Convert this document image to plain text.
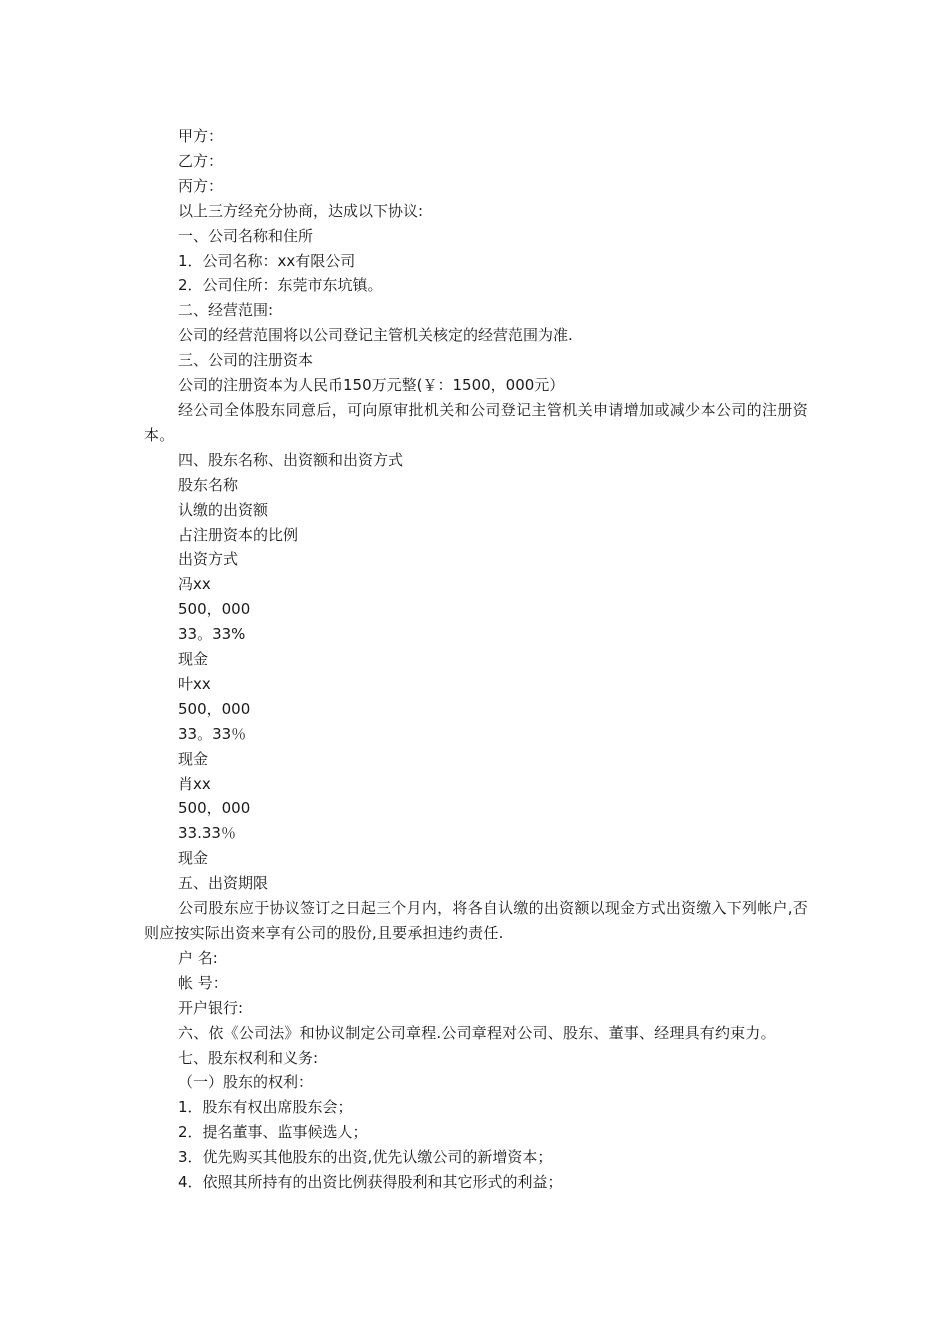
甲方：

乙方：

丙方：

以上三方经充分协商，达成以下协议:

一、公司名称和住所

1．公司名称：xx有限公司

2．公司住所：东莞市东坑镇。

二、经营范围:

公司的经营范围将以公司登记主管机关核定的经营范围为准.

三、公司的注册资本

公司的注册资本为人民币150万元整(￥：1500，000元）

经公司全体股东同意后，可向原审批机关和公司登记主管机关申请增加或减少本公司的注册资本。

四、股东名称、出资额和出资方式

股东名称

认缴的出资额

占注册资本的比例

出资方式

冯xx

500，000

33。33%

现金

叶xx

500，000

33。33％

现金

肖xx

500，000

33.33％

现金

五、出资期限

公司股东应于协议签订之日起三个月内，将各自认缴的出资额以现金方式出资缴入下列帐户,否则应按实际出资来享有公司的股份,且要承担违约责任.

户 名:

帐 号：

开户银行:

六、依《公司法》和协议制定公司章程.公司章程对公司、股东、董事、经理具有约束力。

七、股东权利和义务:

（一）股东的权利：

1．股东有权出席股东会；

2．提名董事、监事候选人；

3．优先购买其他股东的出资,优先认缴公司的新增资本；

4．依照其所持有的出资比例获得股利和其它形式的利益；
